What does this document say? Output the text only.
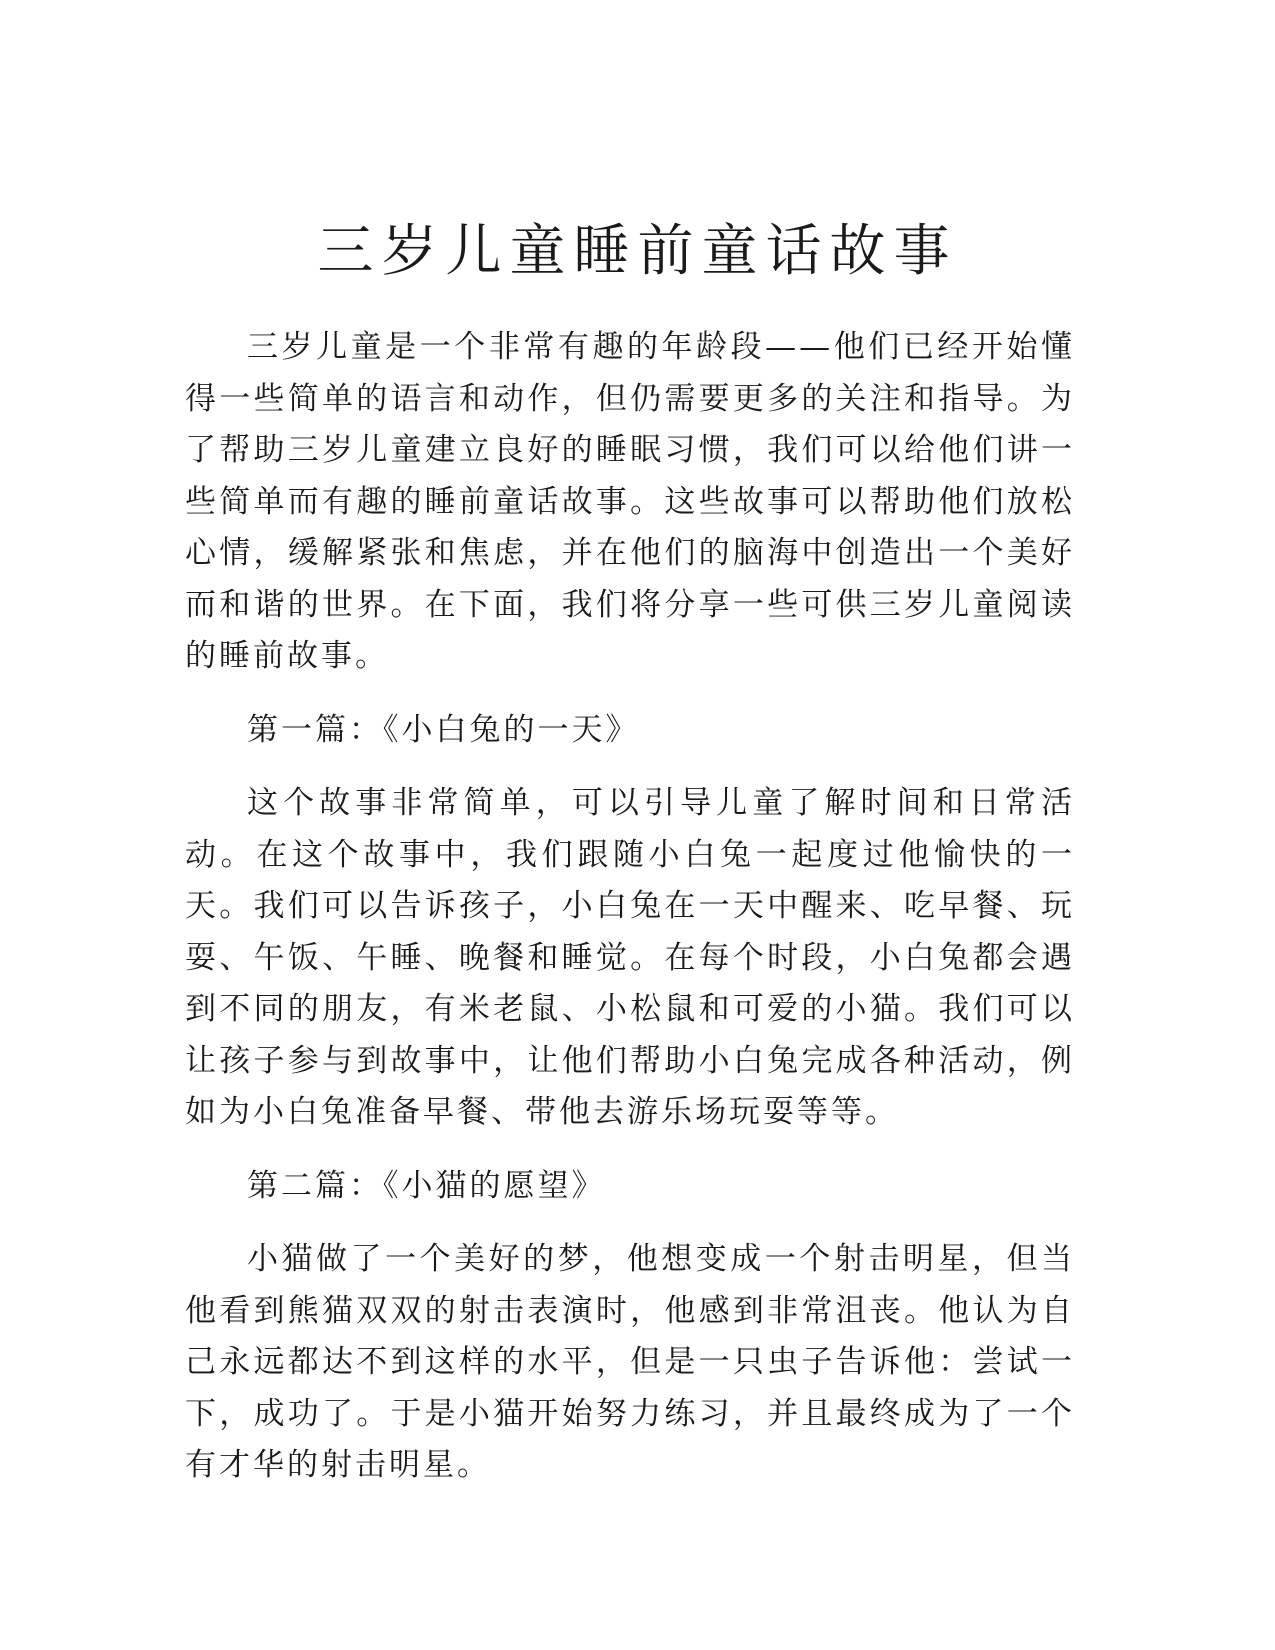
三岁儿童睡前童话故事

三岁儿童是一个非常有趣的年龄段——他们已经开始懂得一些简单的语言和动作，但仍需要更多的关注和指导。为了帮助三岁儿童建立良好的睡眠习惯，我们可以给他们讲一些简单而有趣的睡前童话故事。这些故事可以帮助他们放松心情，缓解紧张和焦虑，并在他们的脑海中创造出一个美好而和谐的世界。在下面，我们将分享一些可供三岁儿童阅读的睡前故事。

第一篇：《小白兔的一天》

这个故事非常简单，可以引导儿童了解时间和日常活动。在这个故事中，我们跟随小白兔一起度过他愉快的一天。我们可以告诉孩子，小白兔在一天中醒来、吃早餐、玩耍、午饭、午睡、晚餐和睡觉。在每个时段，小白兔都会遇到不同的朋友，有米老鼠、小松鼠和可爱的小猫。我们可以让孩子参与到故事中，让他们帮助小白兔完成各种活动，例如为小白兔准备早餐、带他去游乐场玩耍等等。

第二篇：《小猫的愿望》

小猫做了一个美好的梦，他想变成一个射击明星，但当他看到熊猫双双的射击表演时，他感到非常沮丧。他认为自己永远都达不到这样的水平，但是一只虫子告诉他：尝试一下，成功了。于是小猫开始努力练习，并且最终成为了一个有才华的射击明星。
